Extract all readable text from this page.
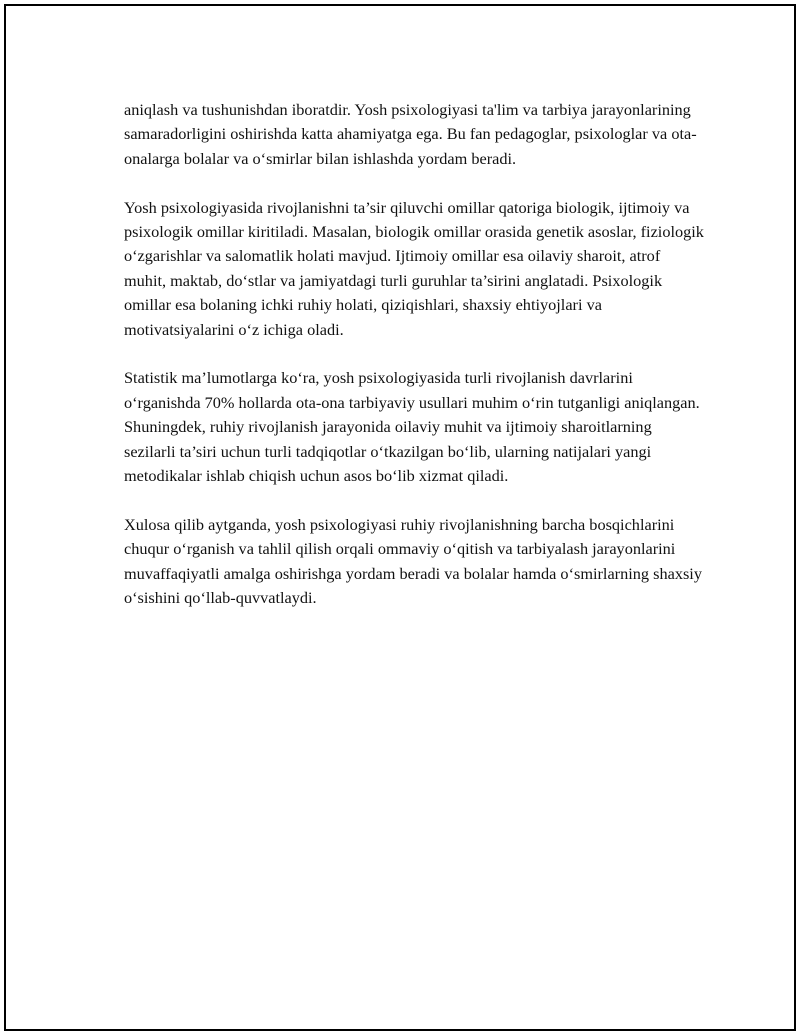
aniqlash va tushunishdan iboratdir. Yosh psixologiyasi ta'lim va tarbiya jarayonlarining samaradorligini oshirishda katta ahamiyatga ega. Bu fan pedagoglar, psixologlar va ota-onalarga bolalar va o‘smirlar bilan ishlashda yordam beradi.

Yosh psixologiyasida rivojlanishni ta’sir qiluvchi omillar qatoriga biologik, ijtimoiy va psixologik omillar kiritiladi. Masalan, biologik omillar orasida genetik asoslar, fiziologik o‘zgarishlar va salomatlik holati mavjud. Ijtimoiy omillar esa oilaviy sharoit, atrof muhit, maktab, do‘stlar va jamiyatdagi turli guruhlar ta’sirini anglatadi. Psixologik omillar esa bolaning ichki ruhiy holati, qiziqishlari, shaxsiy ehtiyojlari va motivatsiyalarini o‘z ichiga oladi.

Statistik ma’lumotlarga ko‘ra, yosh psixologiyasida turli rivojlanish davrlarini o‘rganishda 70% hollarda ota-ona tarbiyaviy usullari muhim o‘rin tutganligi aniqlangan. Shuningdek, ruhiy rivojlanish jarayonida oilaviy muhit va ijtimoiy sharoitlarning sezilarli ta’siri uchun turli tadqiqotlar o‘tkazilgan bo‘lib, ularning natijalari yangi metodikalar ishlab chiqish uchun asos bo‘lib xizmat qiladi.

Xulosa qilib aytganda, yosh psixologiyasi ruhiy rivojlanishning barcha bosqichlarini chuqur o‘rganish va tahlil qilish orqali ommaviy o‘qitish va tarbiyalash jarayonlarini muvaffaqiyatli amalga oshirishga yordam beradi va bolalar hamda o‘smirlarning shaxsiy o‘sishini qo‘llab-quvvatlaydi.
